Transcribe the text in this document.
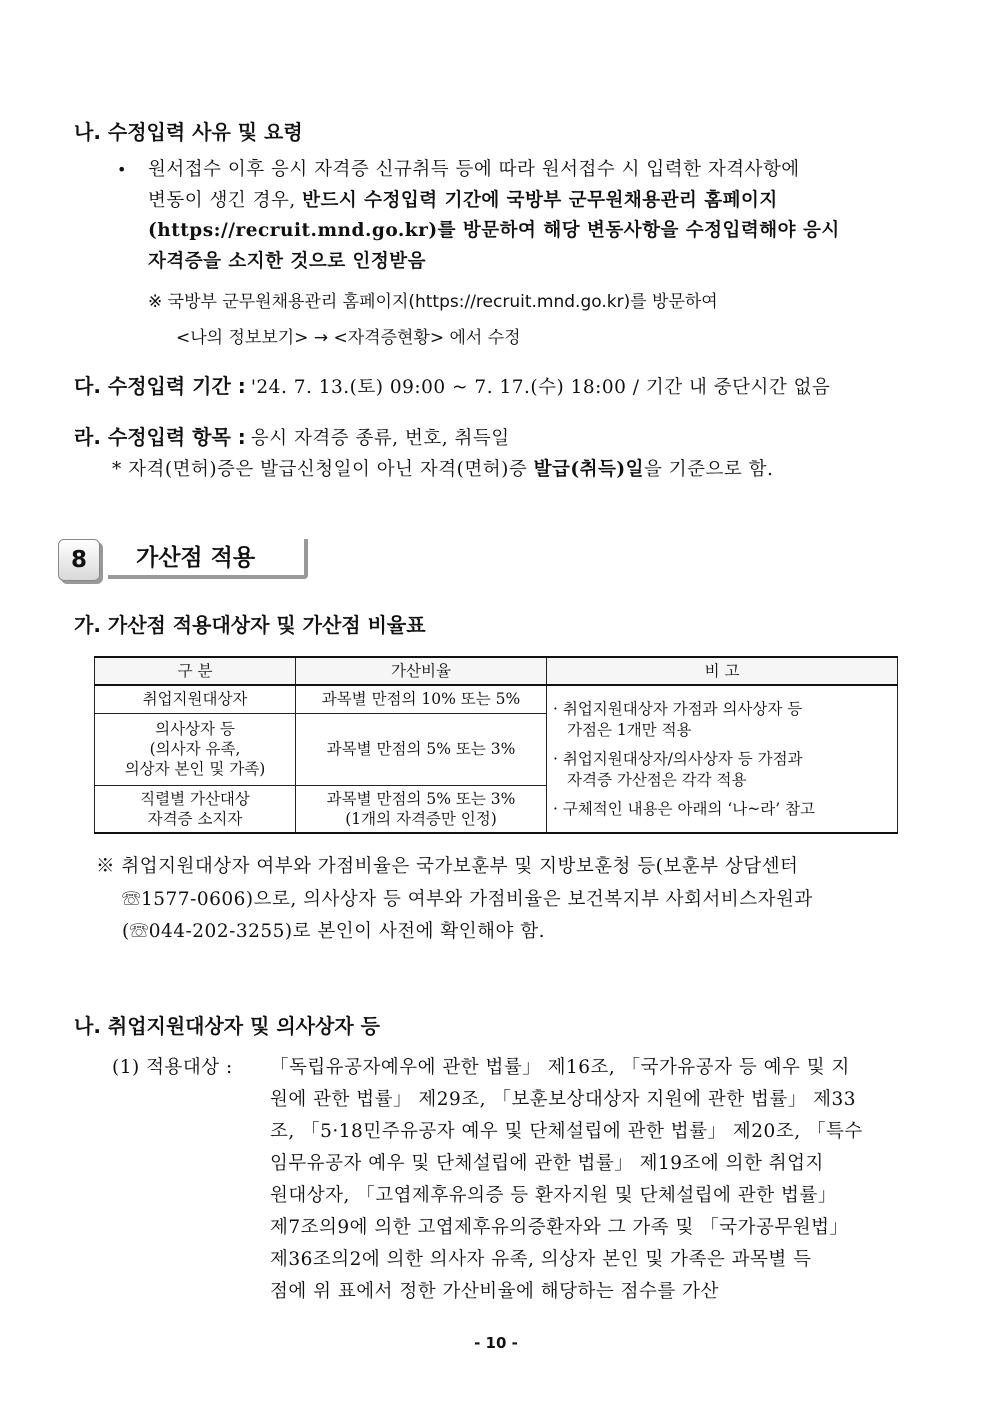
나. 수정입력 사유 및 요령
• 원서접수 이후 응시 자격증 신규취득 등에 따라 원서접수 시 입력한 자격사항에
변동이 생긴 경우, 반드시 수정입력 기간에 국방부 군무원채용관리 홈페이지
(https://recruit.mnd.go.kr)를 방문하여 해당 변동사항을 수정입력해야 응시
자격증을 소지한 것으로 인정받음
※ 국방부 군무원채용관리 홈페이지(https://recruit.mnd.go.kr)를 방문하여
<나의 정보보기> → <자격증현황> 에서 수정
다. 수정입력 기간 : '24. 7. 13.(토) 09:00 ~ 7. 17.(수) 18:00 / 기간 내 중단시간 없음
라. 수정입력 항목 : 응시 자격증 종류, 번호, 취득일
* 자격(면허)증은 발급신청일이 아닌 자격(면허)증 발급(취득)일을 기준으로 함.
8	가산점 적용
가. 가산점 적용대상자 및 가산점 비율표
구 분	가산비율	비 고
취업지원대상자	과목별 만점의 10% 또는 5%	· 취업지원대상자 가점과 의사상자 등
가점은 1개만 적용
· 취업지원대상자/의사상자 등 가점과
자격증 가산점은 각각 적용
· 구체적인 내용은 아래의 ‘나~라’ 참고

의사상자 등
(의사자 유족,
의상자 본인 및 가족)	과목별 만점의 5% 또는 3%	

직렬별 가산대상
자격증 소지자	과목별 만점의 5% 또는 3%
(1개의 자격증만 인정)	
※ 취업지원대상자 여부와 가점비율은 국가보훈부 및 지방보훈청 등(보훈부 상담센터
☏1577-0606)으로, 의사상자 등 여부와 가점비율은 보건복지부 사회서비스자원과
(☏044-202-3255)로 본인이 사전에 확인해야 함.
나. 취업지원대상자 및 의사상자 등
(1) 적용대상 : 「독립유공자예우에 관한 법률」 제16조, 「국가유공자 등 예우 및 지
원에 관한 법률」 제29조, 「보훈보상대상자 지원에 관한 법률」 제33
조, 「5·18민주유공자 예우 및 단체설립에 관한 법률」 제20조, 「특수
임무유공자 예우 및 단체설립에 관한 법률」 제19조에 의한 취업지
원대상자, 「고엽제후유의증 등 환자지원 및 단체설립에 관한 법률」
제7조의9에 의한 고엽제후유의증환자와 그 가족 및 「국가공무원법」
제36조의2에 의한 의사자 유족, 의상자 본인 및 가족은 과목별 득
점에 위 표에서 정한 가산비율에 해당하는 점수를 가산
- 10 -
